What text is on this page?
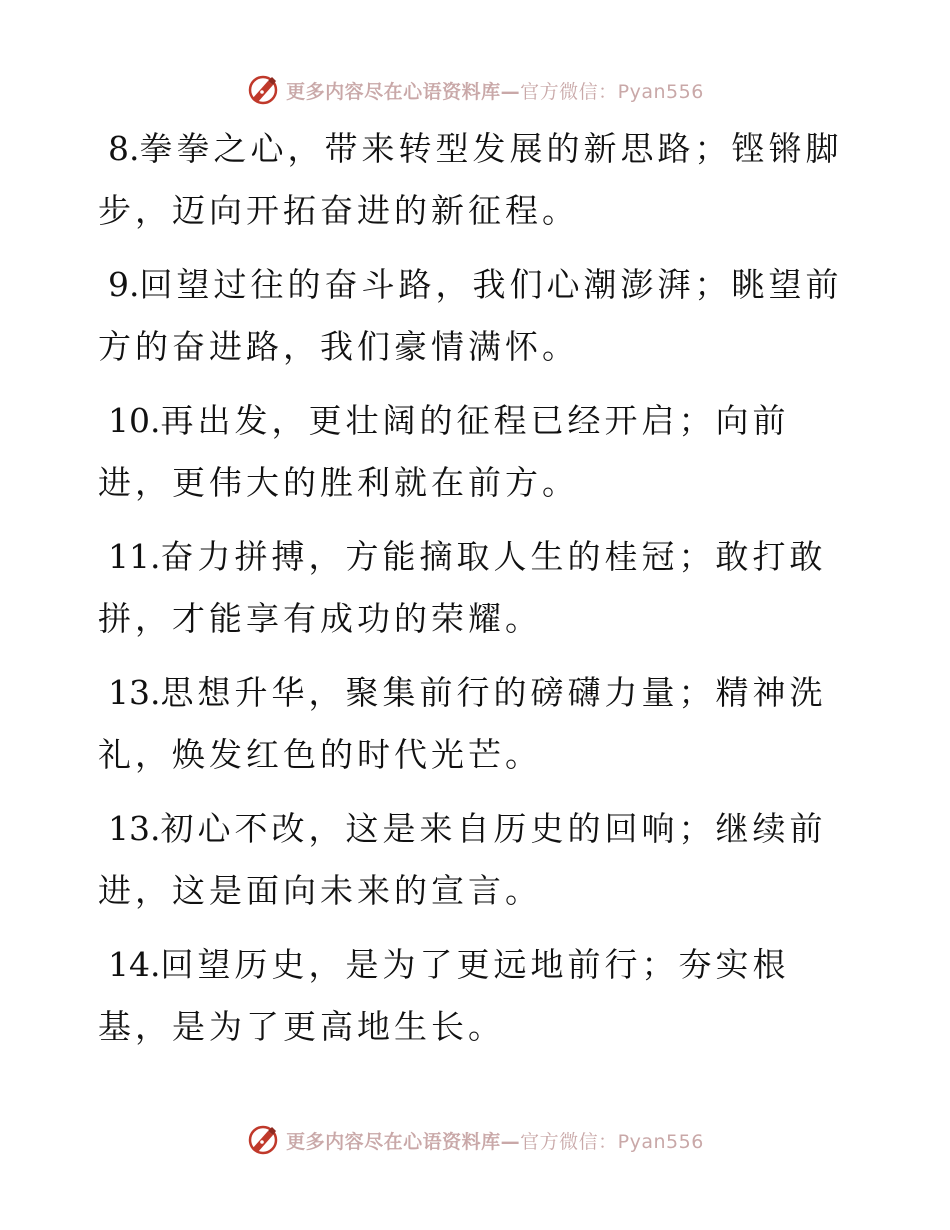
更多内容尽在心语资料库—官方微信：Pyan556

8.拳拳之心，带来转型发展的新思路；铿锵脚步，迈向开拓奋进的新征程。

9.回望过往的奋斗路，我们心潮澎湃；眺望前方的奋进路，我们豪情满怀。

10.再出发，更壮阔的征程已经开启；向前进，更伟大的胜利就在前方。

11.奋力拼搏，方能摘取人生的桂冠；敢打敢拼，才能享有成功的荣耀。

13.思想升华，聚集前行的磅礴力量；精神洗礼，焕发红色的时代光芒。

13.初心不改，这是来自历史的回响；继续前进，这是面向未来的宣言。

14.回望历史，是为了更远地前行；夯实根基，是为了更高地生长。

更多内容尽在心语资料库—官方微信：Pyan556
